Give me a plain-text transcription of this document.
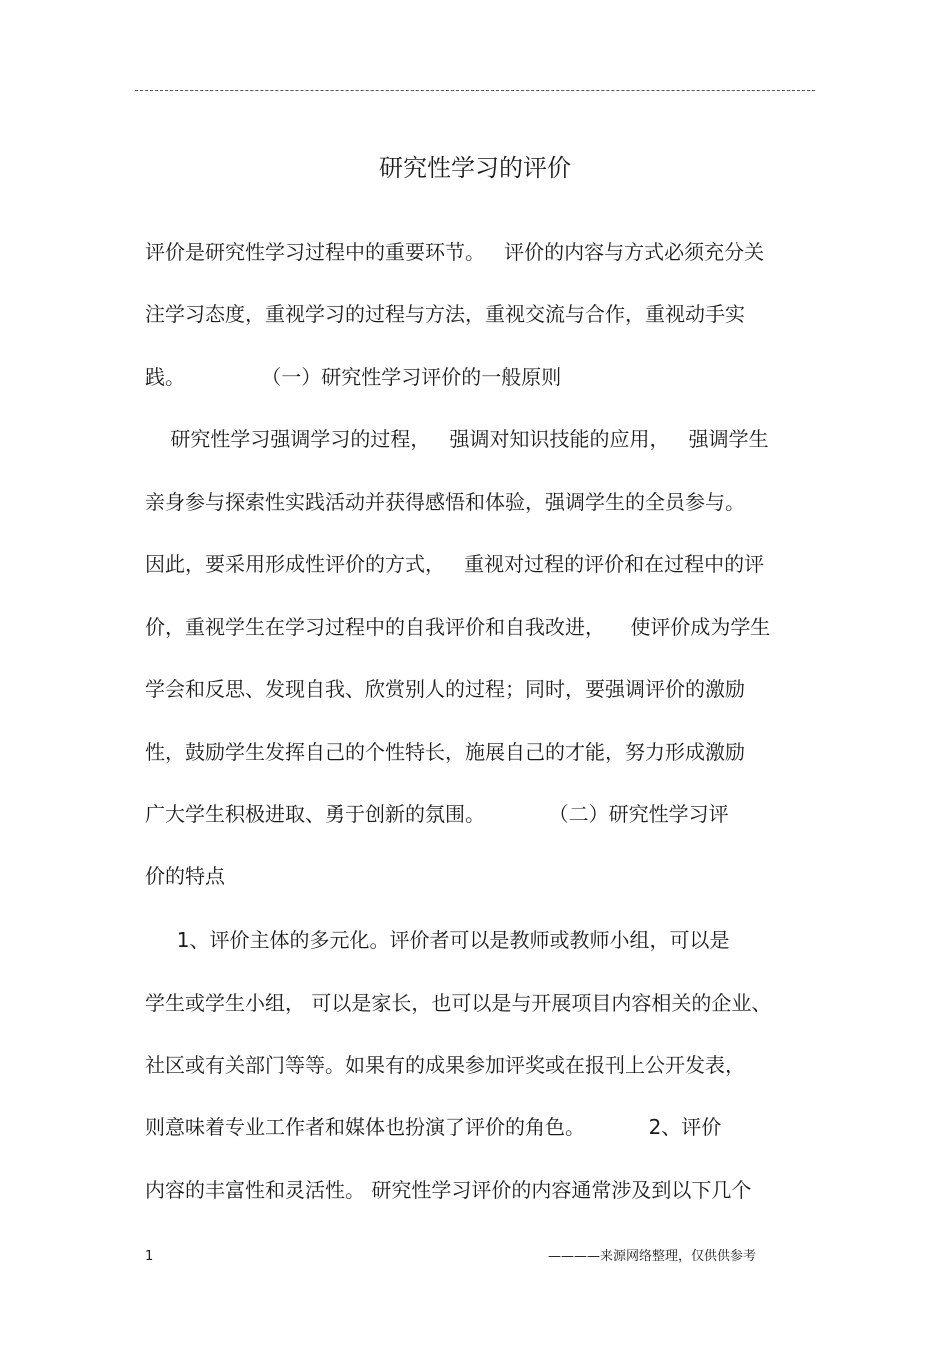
研究性学习的评价

评价是研究性学习过程中的重要环节。   评价的内容与方式必须充分关

注学习态度，重视学习的过程与方法，重视交流与合作，重视动手实

践。            （一）研究性学习评价的一般原则

研究性学习强调学习的过程，   强调对知识技能的应用，   强调学生

亲身参与探索性实践活动并获得感悟和体验，强调学生的全员参与。

因此，要采用形成性评价的方式，   重视对过程的评价和在过程中的评

价，重视学生在学习过程中的自我评价和自我改进，    使评价成为学生

学会和反思、发现自我、欣赏别人的过程；同时，要强调评价的激励

性，鼓励学生发挥自己的个性特长，施展自己的才能，努力形成激励

广大学生积极进取、勇于创新的氛围。          （二）研究性学习评

价的特点

1、评价主体的多元化。评价者可以是教师或教师小组，可以是

学生或学生小组， 可以是家长，也可以是与开展项目内容相关的企业、

社区或有关部门等等。如果有的成果参加评奖或在报刊上公开发表，

则意味着专业工作者和媒体也扮演了评价的角色。          2、评价

内容的丰富性和灵活性。 研究性学习评价的内容通常涉及到以下几个

1	————来源网络整理，仅供供参考
